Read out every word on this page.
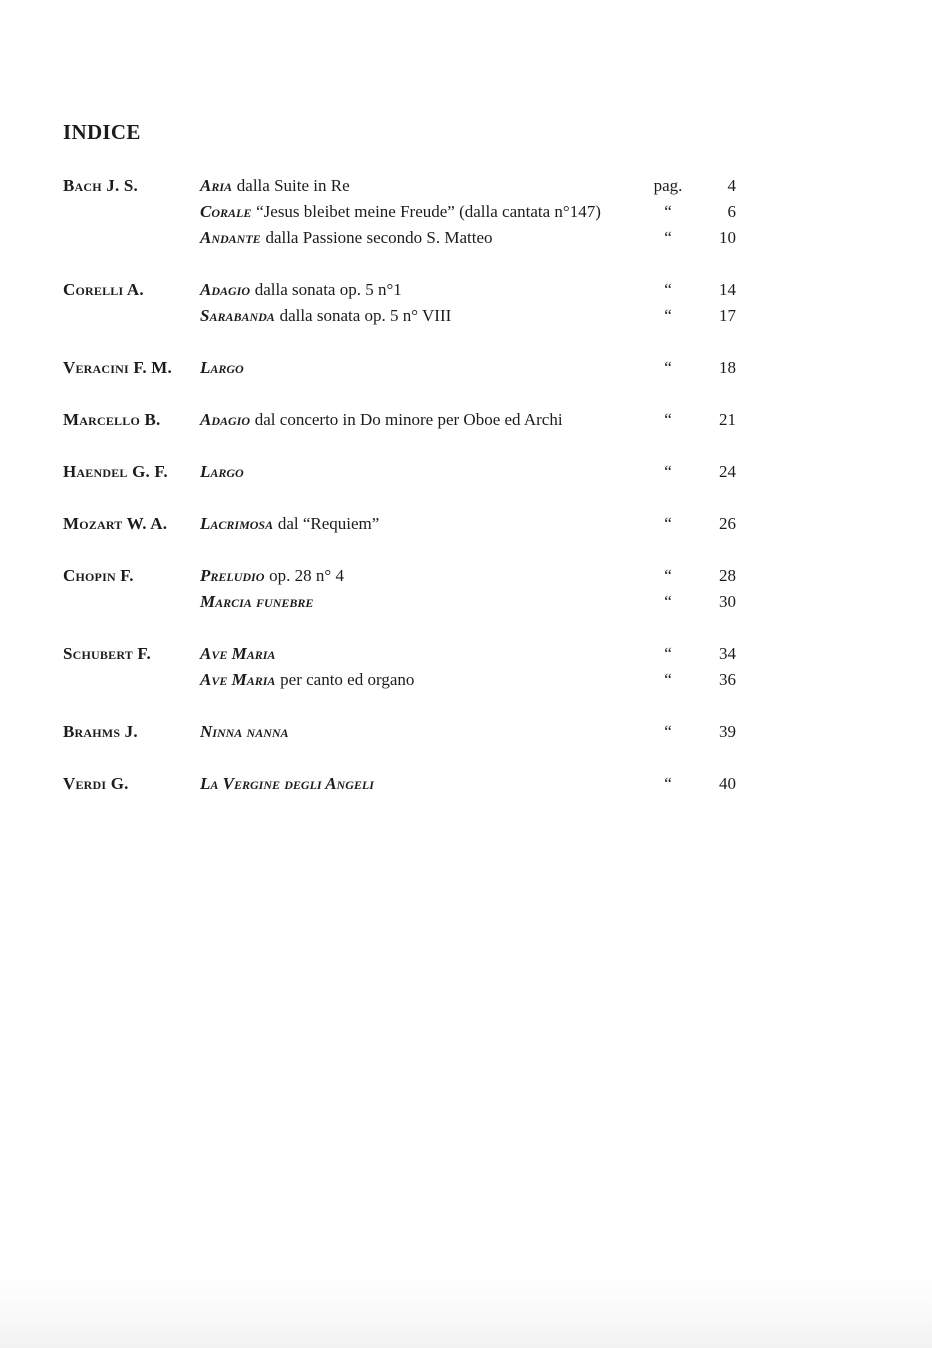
INDICE
Bach J. S.	Aria dalla Suite in Re	pag.	4
Corale “Jesus bleibet meine Freude” (dalla cantata n°147)	“	6
Andante dalla Passione secondo S. Matteo	“	10
Corelli A.	Adagio dalla sonata op. 5 n°1	“	14
Sarabanda dalla sonata op. 5 n° VIII	“	17
Veracini F. M.	Largo	“	18
Marcello B.	Adagio dal concerto in Do minore per Oboe ed Archi	“	21
Haendel G. F.	Largo	“	24
Mozart W. A.	Lacrimosa dal “Requiem”	“	26
Chopin F.	Preludio op. 28 n° 4	“	28
Marcia funebre	“	30
Schubert F.	Ave Maria	“	34
Ave Maria per canto ed organo	“	36
Brahms J.	Ninna nanna	“	39
Verdi G.	La Vergine degli Angeli	“	40
